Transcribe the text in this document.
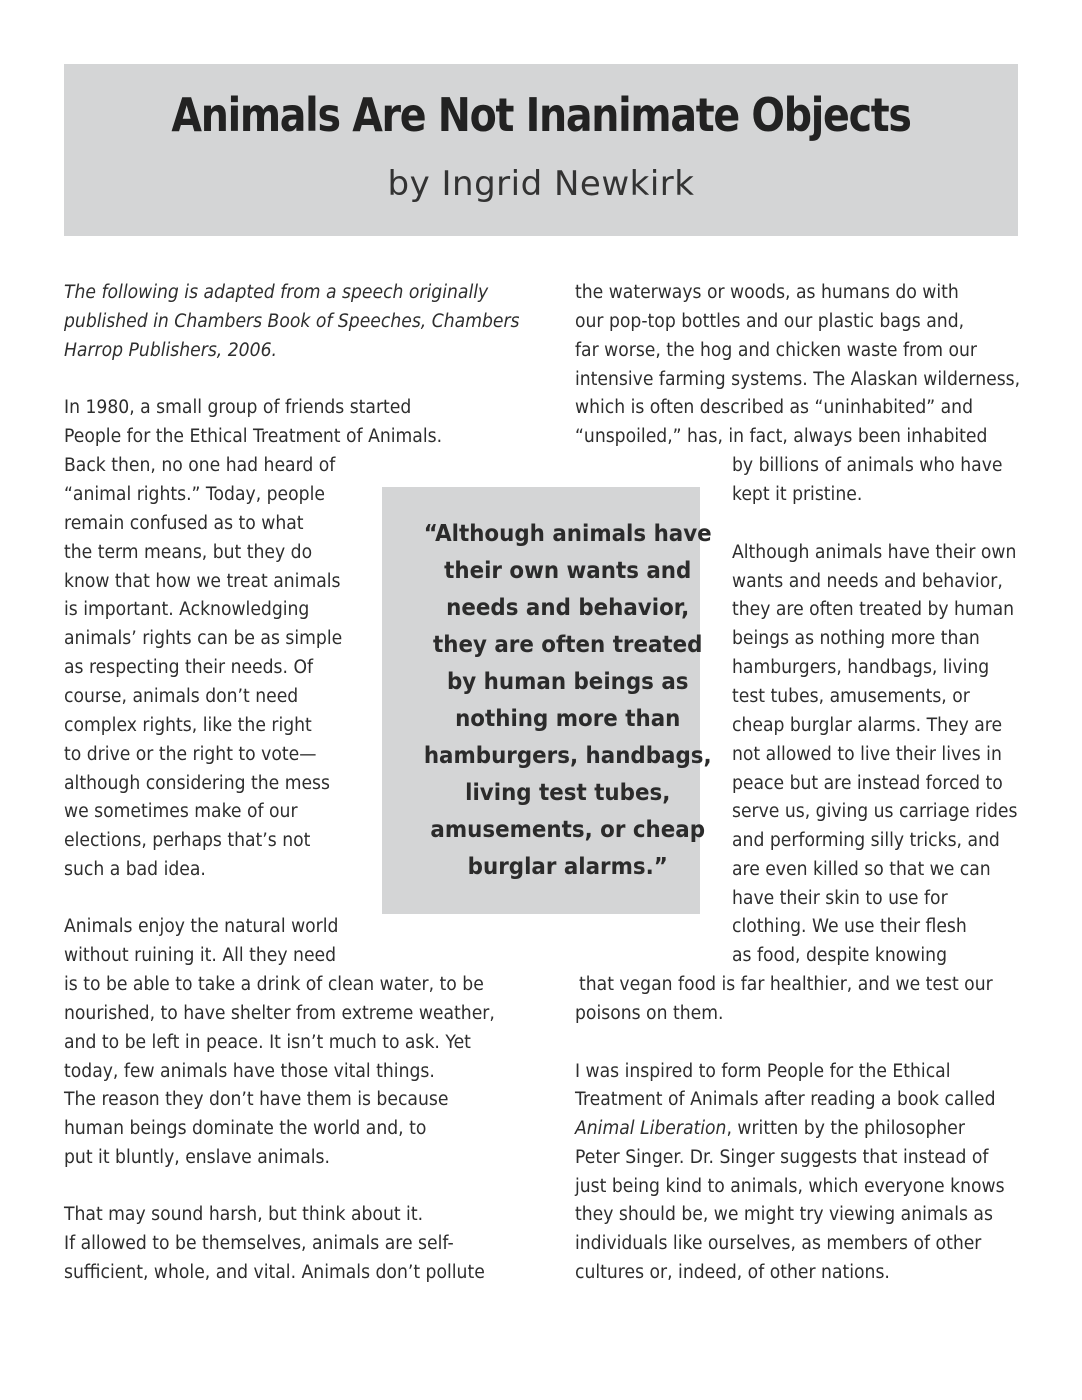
Animals Are Not Inanimate Objects
by Ingrid Newkirk
The following is adapted from a speech originally
published in Chambers Book of Speeches, Chambers
Harrop Publishers, 2006.
In 1980, a small group of friends started
People for the Ethical Treatment of Animals.
Back then, no one had heard of
“animal rights.” Today, people
remain confused as to what
the term means, but they do
know that how we treat animals
is important. Acknowledging
animals’ rights can be as simple
as respecting their needs. Of
course, animals don’t need
complex rights, like the right
to drive or the right to vote—
although considering the mess
we sometimes make of our
elections, perhaps that’s not
such a bad idea.
Animals enjoy the natural world
without ruining it. All they need
is to be able to take a drink of clean water, to be
nourished, to have shelter from extreme weather,
and to be left in peace. It isn’t much to ask. Yet
today, few animals have those vital things.
The reason they don’t have them is because
human beings dominate the world and, to
put it bluntly, enslave animals.
That may sound harsh, but think about it.
If allowed to be themselves, animals are self-
sufficient, whole, and vital. Animals don’t pollute
the waterways or woods, as humans do with
our pop-top bottles and our plastic bags and,
far worse, the hog and chicken waste from our
intensive farming systems. The Alaskan wilderness,
which is often described as “uninhabited” and
“unspoiled,” has, in fact, always been inhabited
by billions of animals who have
kept it pristine.
Although animals have their own
wants and needs and behavior,
they are often treated by human
beings as nothing more than
hamburgers, handbags, living
test tubes, amusements, or
cheap burglar alarms. They are
not allowed to live their lives in
peace but are instead forced to
serve us, giving us carriage rides
and performing silly tricks, and
are even killed so that we can
have their skin to use for
clothing. We use their flesh
as food, despite knowing
that vegan food is far healthier, and we test our
poisons on them.
I was inspired to form People for the Ethical
Treatment of Animals after reading a book called
Animal Liberation, written by the philosopher
Peter Singer. Dr. Singer suggests that instead of
just being kind to animals, which everyone knows
they should be, we might try viewing animals as
individuals like ourselves, as members of other
cultures or, indeed, of other nations.
“Although animals have
their own wants and
needs and behavior,
they are often treated
by human beings as
nothing more than
hamburgers, handbags,
living test tubes,
amusements, or cheap
burglar alarms.”
